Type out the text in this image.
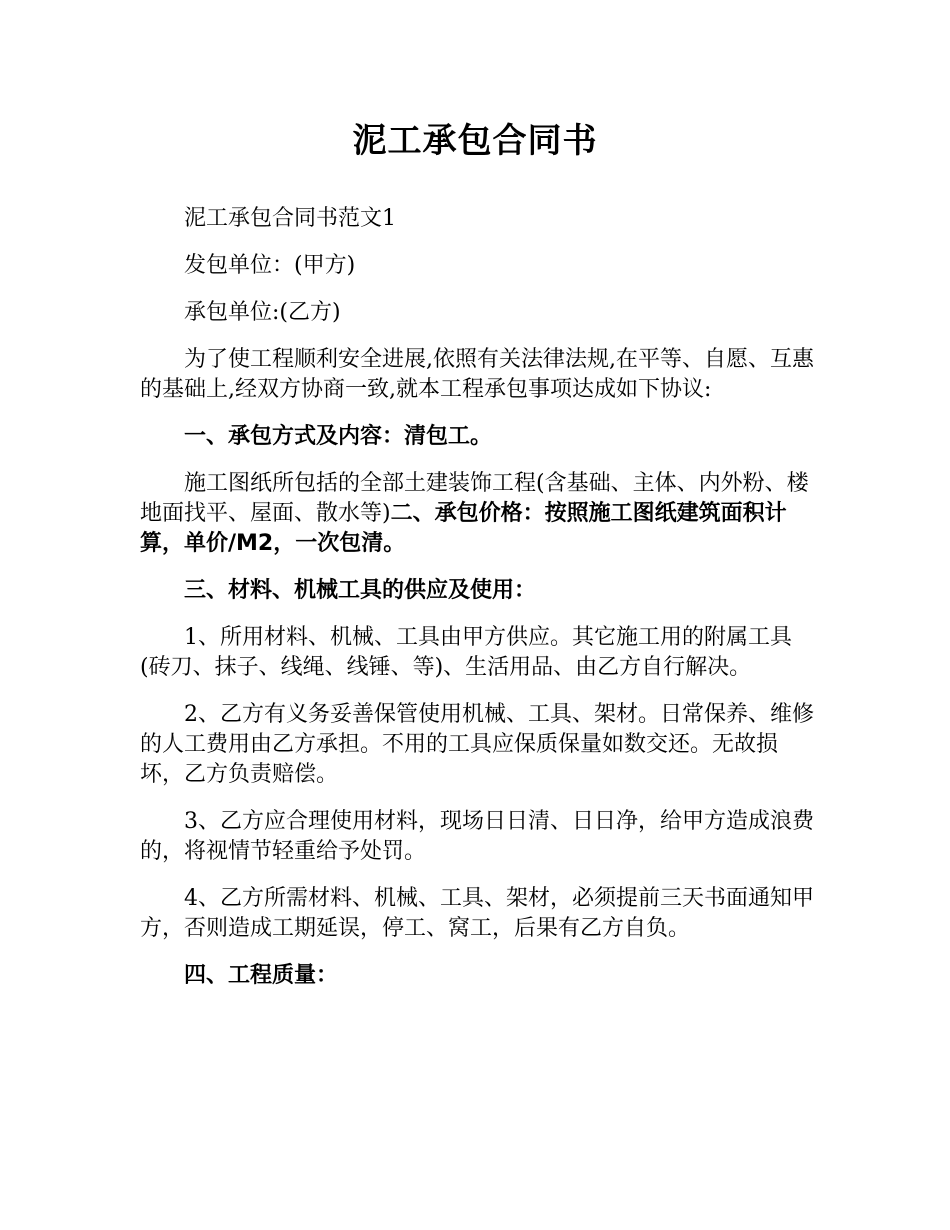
泥工承包合同书

泥工承包合同书范文1

发包单位：(甲方)

承包单位:(乙方)

为了使工程顺利安全进展,依照有关法律法规,在平等、自愿、互惠的基础上,经双方协商一致,就本工程承包事项达成如下协议:

一、承包方式及内容：清包工。

施工图纸所包括的全部土建装饰工程(含基础、主体、内外粉、楼地面找平、屋面、散水等)二、承包价格：按照施工图纸建筑面积计算，单价/M2，一次包清。

三、材料、机械工具的供应及使用：

1、所用材料、机械、工具由甲方供应。其它施工用的附属工具(砖刀、抹子、线绳、线锤、等)、生活用品、由乙方自行解决。

2、乙方有义务妥善保管使用机械、工具、架材。日常保养、维修的人工费用由乙方承担。不用的工具应保质保量如数交还。无故损坏，乙方负责赔偿。

3、乙方应合理使用材料，现场日日清、日日净，给甲方造成浪费的，将视情节轻重给予处罚。

4、乙方所需材料、机械、工具、架材，必须提前三天书面通知甲方，否则造成工期延误，停工、窝工，后果有乙方自负。

四、工程质量：
